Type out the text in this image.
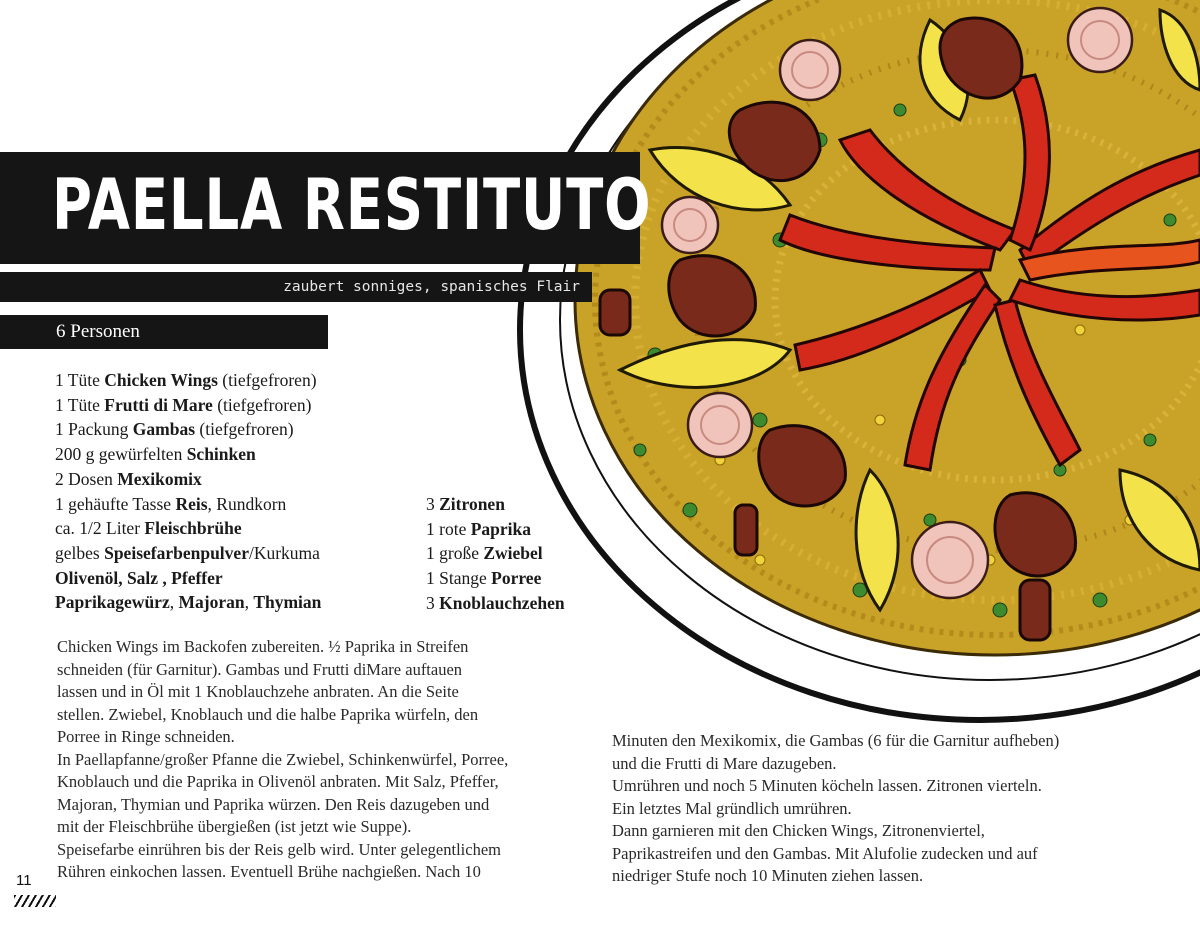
PAELLA RESTITUTO
zaubert sonniges, spanisches Flair
6 Personen
1 Tüte Chicken Wings (tiefgefroren)
1 Tüte Frutti di Mare (tiefgefroren)
1 Packung Gambas (tiefgefroren)
200 g gewürfelten Schinken
2 Dosen Mexikomix
1 gehäufte Tasse Reis, Rundkorn
ca. 1/2 Liter Fleischbrühe
gelbes Speisefarbenpulver/Kurkuma
Olivenöl, Salz , Pfeffer
Paprikagewürz, Majoran, Thymian
3 Zitronen
1 rote Paprika
1 große Zwiebel
1 Stange Porree
3 Knoblauchzehen
Chicken Wings im Backofen zubereiten. ½ Paprika in Streifen
schneiden (für Garnitur). Gambas und Frutti diMare auftauen
lassen und in Öl mit 1 Knoblauchzehe anbraten. An die Seite
stellen. Zwiebel, Knoblauch und die halbe Paprika würfeln, den
Porree in Ringe schneiden.
In Paellapfanne/großer Pfanne die Zwiebel, Schinkenwürfel, Porree,
Knoblauch und die Paprika in Olivenöl anbraten. Mit Salz, Pfeffer,
Majoran, Thymian und Paprika würzen. Den Reis dazugeben und
mit der Fleischbrühe übergießen (ist jetzt wie Suppe).
Speisefarbe einrühren bis der Reis gelb wird. Unter gelegentlichem
Rühren einkochen lassen. Eventuell Brühe nachgießen. Nach 10
Minuten den Mexikomix, die Gambas (6 für die Garnitur aufheben)
und die Frutti di Mare dazugeben.
Umrühren und noch 5 Minuten köcheln lassen. Zitronen vierteln.
Ein letztes Mal gründlich umrühren.
Dann garnieren mit den Chicken Wings, Zitronenviertel,
Paprikastreifen und den Gambas. Mit Alufolie zudecken und auf
niedriger Stufe noch 10 Minuten ziehen lassen.
11
